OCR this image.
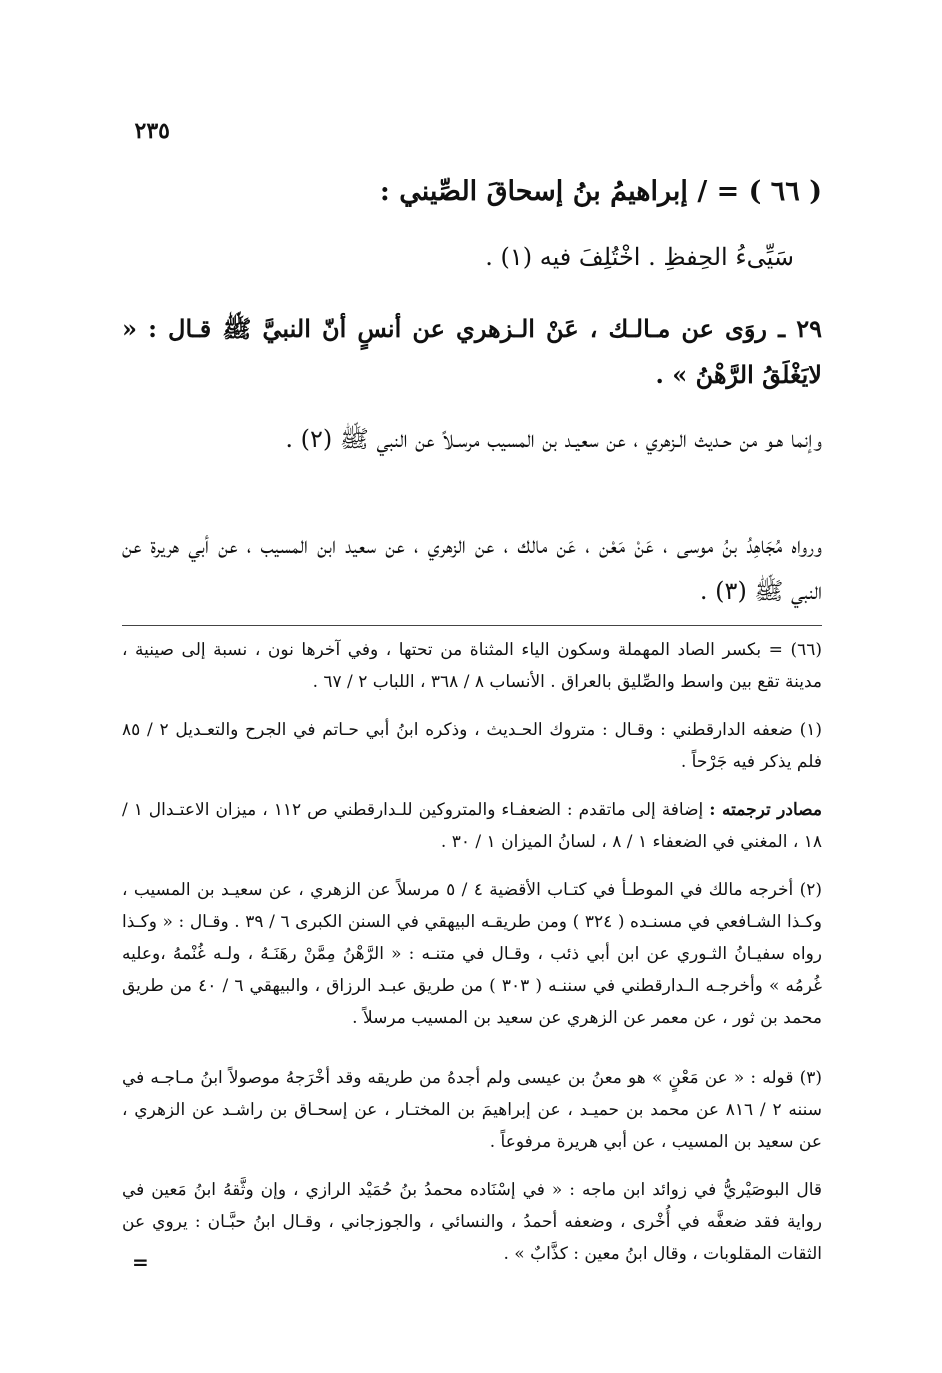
٢٣٥
( ٦٦ ) = / إبراهيمُ بنُ إسحاقَ الصِّيني :
سَيِّىءُ الحِفظِ . اخْتُلِفَ فيه (١) .
٢٩ ـ روَى عن مـالـك ، عَنْ الـزهري عن أنسٍ أنّ النبيَّ ﷺ قـال : « لايَغْلَقُ الرَّهْنُ » .
وإنما هـو من حـديث الـزهري ، عن سعيـد بن المسيب مرسـلاً عن النبي ﷺ (٢) .
ورواه مُجَاهِدُ بنُ موسى ، عَنْ مَعْن ، عَن مالك ، عن الزهري ، عن سعيد ابن المسيب ، عن أبي هريرة عن النبي ﷺ (٣) .
(٦٦) = بكسر الصاد المهملة وسكون الياء المثناة من تحتها ، وفي آخرها نون ، نسبة إلى صينية ، مدينة تقع بين واسط والصِّليق بالعراق . الأنساب ٨ / ٣٦٨ ، اللباب ٢ / ٦٧ .
(١) ضعفه الدارقطني : وقـال : متروك الحـديث ، وذكره ابنُ أبي حـاتم في الجرح والتعـديل ٢ / ٨٥ فلم يذكر فيه جَرْحاً .
مصادر ترجمته : إضافة إلى ماتقدم : الضعفـاء والمتروكين للـدارقطني ص ١١٢ ، ميزان الاعتـدال ١ / ١٨ ، المغني في الضعفاء ١ / ٨ ، لسانُ الميزان ١ / ٣٠ .
(٢) أخرجه مالك في الموطـأ في كتـاب الأقضية ٤ / ٥ مرسلاً عن الزهري ، عن سعيـد بن المسيب ، وكـذا الشـافعي في مسنـده ( ٣٢٤ ) ومن طريقـه البيهقي في السنن الكبرى ٦ / ٣٩ . وقـال : « وكـذا رواه سفيـانُ الثـوري عن ابن أبي ذئب ، وقـال في متنـه : « الرَّهْنُ مِمَّنْ رهَنَـهُ ، ولـه غُنْمهُ ،وعليه غُرمُه » وأخرجـه الـدارقطني في سننـه ( ٣٠٣ ) من طريق عبـد الرزاق ، والبيهقي ٦ / ٤٠ من طريق محمد بن ثور ، عن معمر عن الزهري عن سعيد بن المسيب مرسلاً .
(٣) قوله : « عن مَعْنٍ » هو معنُ بن عيسى ولم أجدهُ من طريقه وقد أخْرَجهُ موصولاً ابنُ مـاجـه في سننه ٢ / ٨١٦ عن محمد بن حميـد ، عن إبراهيمَ بن المختـار ، عن إسحـاق بن راشـد عن الزهري ، عن سعيد بن المسيب ، عن أبي هريرة مرفوعاً .
قال البوصَيْريُّ في زوائد ابن ماجه : « في إسْنَاده محمدُ بنُ حُمَيْد الرازي ، وإن وثَّقهُ ابنُ مَعين في رواية فقد ضعفَّه في أُخْرى ، وضعفه أحمدُ ، والنسائي ، والجوزجاني ، وقـال ابنُ حبَّـان : يروي عن الثقات المقلوبات ، وقال ابنُ معين : كذَّابٌ » .
=
